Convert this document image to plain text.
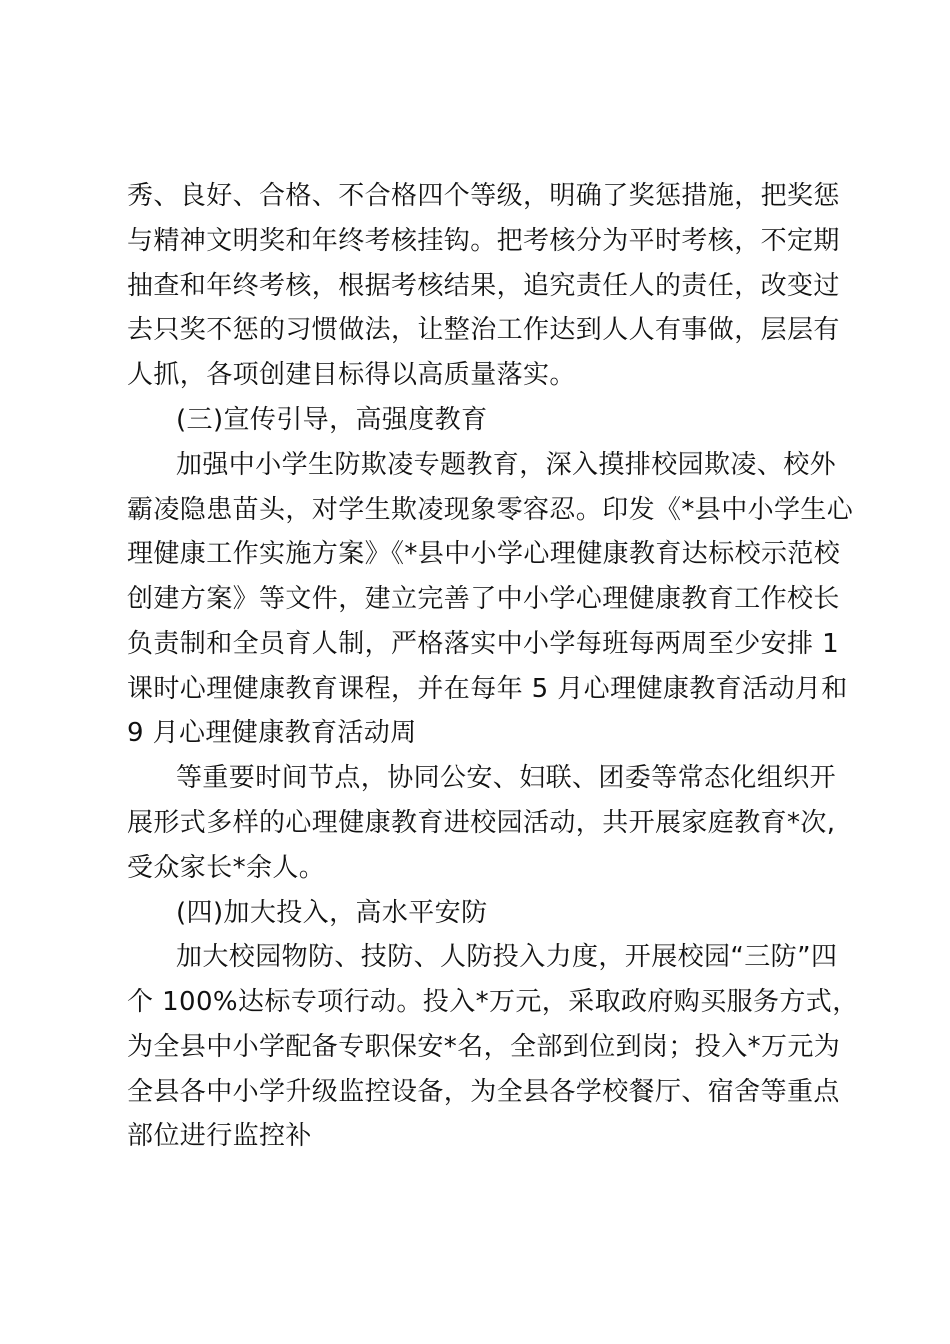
秀、良好、合格、不合格四个等级，明确了奖惩措施，把奖惩
与精神文明奖和年终考核挂钩。把考核分为平时考核，不定期
抽查和年终考核，根据考核结果，追究责任人的责任，改变过
去只奖不惩的习惯做法，让整治工作达到人人有事做，层层有
人抓，各项创建目标得以高质量落实。
(三)宣传引导，高强度教育
加强中小学生防欺凌专题教育，深入摸排校园欺凌、校外
霸凌隐患苗头，对学生欺凌现象零容忍。印发《*县中小学生心
理健康工作实施方案》《*县中小学心理健康教育达标校示范校
创建方案》等文件，建立完善了中小学心理健康教育工作校长
负责制和全员育人制，严格落实中小学每班每两周至少安排 1
课时心理健康教育课程，并在每年 5 月心理健康教育活动月和
9 月心理健康教育活动周
等重要时间节点，协同公安、妇联、团委等常态化组织开
展形式多样的心理健康教育进校园活动，共开展家庭教育*次,
受众家长*余人。
(四)加大投入，高水平安防
加大校园物防、技防、人防投入力度，开展校园“三防”四
个 100%达标专项行动。投入*万元，采取政府购买服务方式，
为全县中小学配备专职保安*名，全部到位到岗；投入*万元为
全县各中小学升级监控设备，为全县各学校餐厅、宿舍等重点
部位进行监控补
